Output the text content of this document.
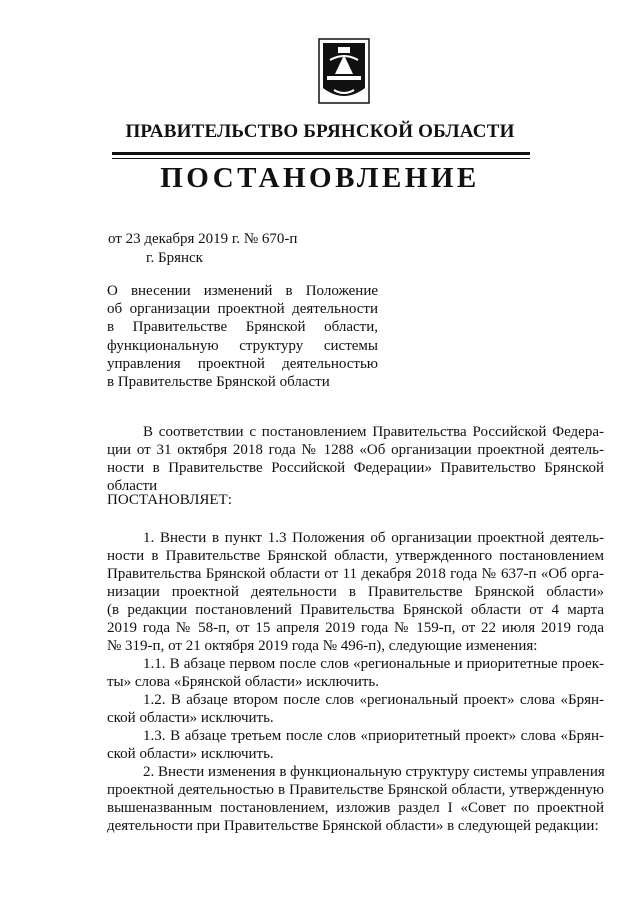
ПРАВИТЕЛЬСТВО БРЯНСКОЙ ОБЛАСТИ
ПОСТАНОВЛЕНИЕ
от 23 декабря 2019 г. № 670-п
г. Брянск
О внесении изменений в Положение
об организации проектной деятельности
в Правительстве Брянской области,
функциональную структуру системы
управления проектной деятельностью
в Правительстве Брянской области
В соответствии с постановлением Правительства Российской Федера-
ции от 31 октября 2018 года № 1288 «Об организации проектной деятель-
ности в Правительстве Российской Федерации» Правительство Брянской
области
ПОСТАНОВЛЯЕТ:
1. Внести в пункт 1.3 Положения об организации проектной деятель-
ности в Правительстве Брянской области, утвержденного постановлением
Правительства Брянской области от 11 декабря 2018 года № 637-п «Об орга-
низации проектной деятельности в Правительстве Брянской области»
(в редакции постановлений Правительства Брянской области от 4 марта
2019 года № 58-п, от 15 апреля 2019 года № 159-п, от 22 июля 2019 года
№ 319-п, от 21 октября 2019 года № 496-п), следующие изменения:
1.1. В абзаце первом после слов «региональные и приоритетные проек-
ты» слова «Брянской области» исключить.
1.2. В абзаце втором после слов «региональный проект» слова «Брян-
ской области» исключить.
1.3. В абзаце третьем после слов «приоритетный проект» слова «Брян-
ской области» исключить.
2. Внести изменения в функциональную структуру системы управления
проектной деятельностью в Правительстве Брянской области, утвержденную
вышеназванным постановлением, изложив раздел I «Совет по проектной
деятельности при Правительстве Брянской области» в следующей редакции:
